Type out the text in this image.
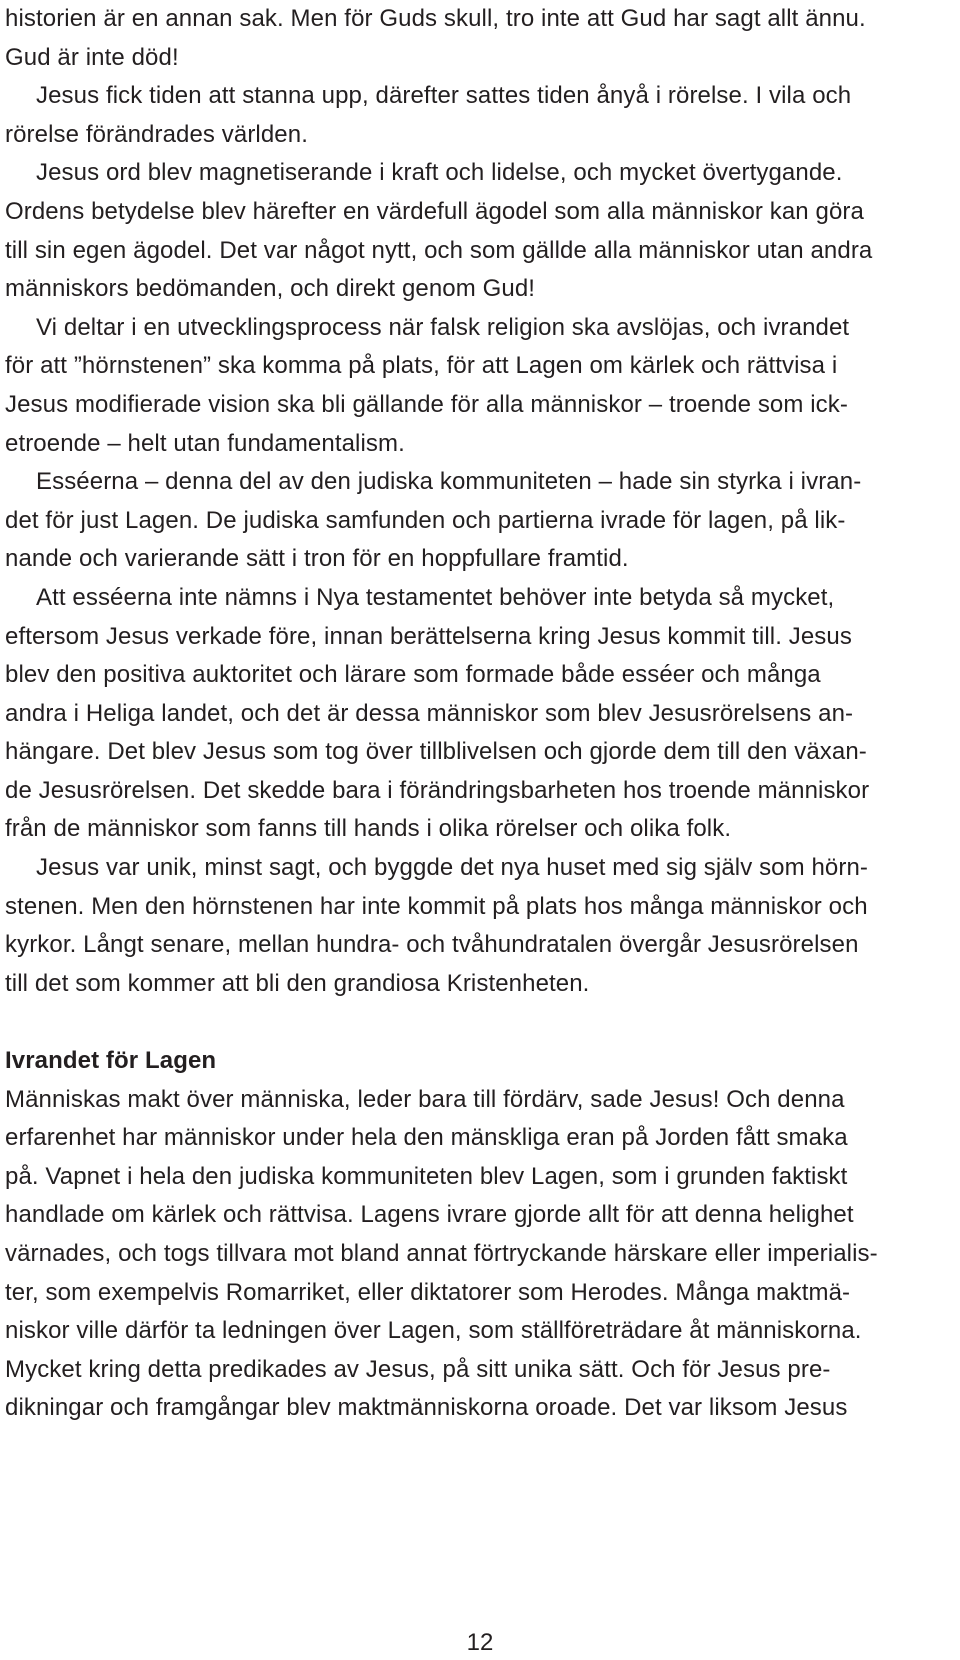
historien är en annan sak. Men för Guds skull, tro inte att Gud har sagt allt ännu.
Gud är inte död!
Jesus fick tiden att stanna upp, därefter sattes tiden ånyå i rörelse. I vila och
rörelse förändrades världen.
Jesus ord blev magnetiserande i kraft och lidelse, och mycket övertygande.
Ordens betydelse blev härefter en värdefull ägodel som alla människor kan göra
till sin egen ägodel. Det var något nytt, och som gällde alla människor utan andra
människors bedömanden, och direkt genom Gud!
Vi deltar i en utvecklingsprocess när falsk religion ska avslöjas, och ivrandet
för att ”hörnstenen” ska komma på plats, för att Lagen om kärlek och rättvisa i
Jesus modifierade vision ska bli gällande för alla människor – troende som ick-
etroende – helt utan fundamentalism.
Esséerna – denna del av den judiska kommuniteten – hade sin styrka i ivran-
det för just Lagen. De judiska samfunden och partierna ivrade för lagen, på lik-
nande och varierande sätt i tron för en hoppfullare framtid.
Att esséerna inte nämns i Nya testamentet behöver inte betyda så mycket,
eftersom Jesus verkade före, innan berättelserna kring Jesus kommit till. Jesus
blev den positiva auktoritet och lärare som formade både esséer och många
andra i Heliga landet, och det är dessa människor som blev Jesusrörelsens an-
hängare. Det blev Jesus som tog över tillblivelsen och gjorde dem till den växan-
de Jesusrörelsen. Det skedde bara i förändringsbarheten hos troende människor
från de människor som fanns till hands i olika rörelser och olika folk.
Jesus var unik, minst sagt, och byggde det nya huset med sig själv som hörn-
stenen. Men den hörnstenen har inte kommit på plats hos många människor och
kyrkor. Långt senare, mellan hundra- och tvåhundratalen övergår Jesusrörelsen
till det som kommer att bli den grandiosa Kristenheten.
Ivrandet för Lagen
Människas makt över människa, leder bara till fördärv, sade Jesus! Och denna
erfarenhet har människor under hela den mänskliga eran på Jorden fått smaka
på. Vapnet i hela den judiska kommuniteten blev Lagen, som i grunden faktiskt
handlade om kärlek och rättvisa. Lagens ivrare gjorde allt för att denna helighet
värnades, och togs tillvara mot bland annat förtryckande härskare eller imperialis-
ter, som exempelvis Romarriket, eller diktatorer som Herodes. Många maktmä-
niskor ville därför ta ledningen över Lagen, som ställföreträdare åt människorna.
Mycket kring detta predikades av Jesus, på sitt unika sätt. Och för Jesus pre-
dikningar och framgångar blev maktmänniskorna oroade. Det var liksom Jesus
12
